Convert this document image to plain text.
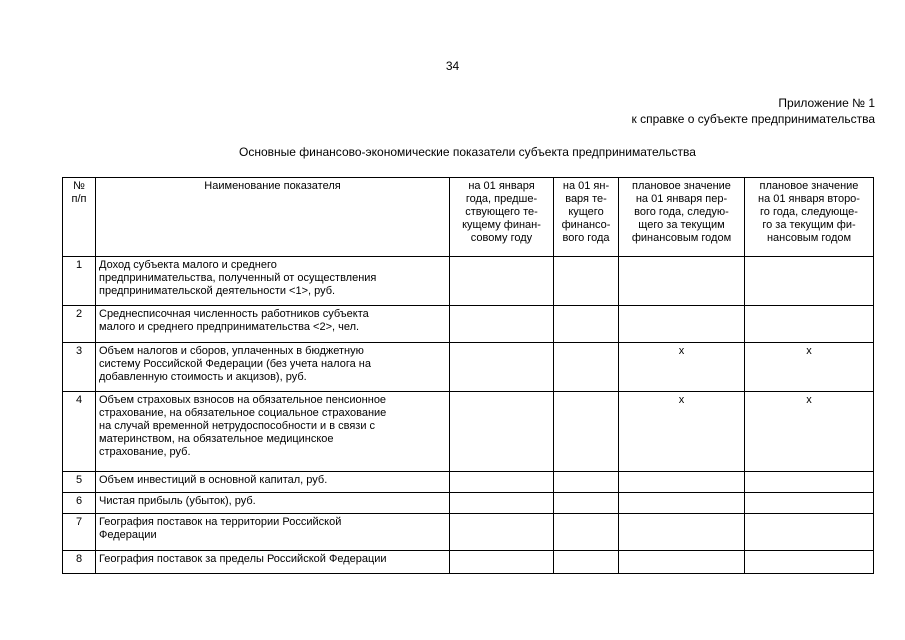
34
Приложение № 1
к справке о субъекте предпринимательства
Основные финансово-экономические показатели субъекта предпринимательства
№
п/п	Наименование показателя	на 01 января
года, предше-
ствующего те-
кущему финан-
совому году	на 01 ян-
варя те-
кущего
финансо-
вого года	плановое значение
на 01 января пер-
вого года, следую-
щего за текущим
финансовым годом	плановое значение
на 01 января второ-
го года, следующе-
го за текущим фи-
нансовым годом
1	Доход субъекта малого и среднего
предпринимательства, полученный от осуществления
предпринимательской деятельности <1>, руб.				
2	Среднесписочная численность работников субъекта
малого и среднего предпринимательства <2>, чел.				
3	Объем налогов и сборов, уплаченных в бюджетную
систему Российской Федерации (без учета налога на
добавленную стоимость и акцизов), руб.			x	x
4	Объем страховых взносов на обязательное пенсионное
страхование, на обязательное социальное страхование
на случай временной нетрудоспособности и в связи с
материнством, на обязательное медицинское
страхование, руб.			x	x
5	Объем инвестиций в основной капитал, руб.				
6	Чистая прибыль (убыток), руб.				
7	География поставок на территории Российской
Федерации				
8	География поставок за пределы Российской Федерации				
